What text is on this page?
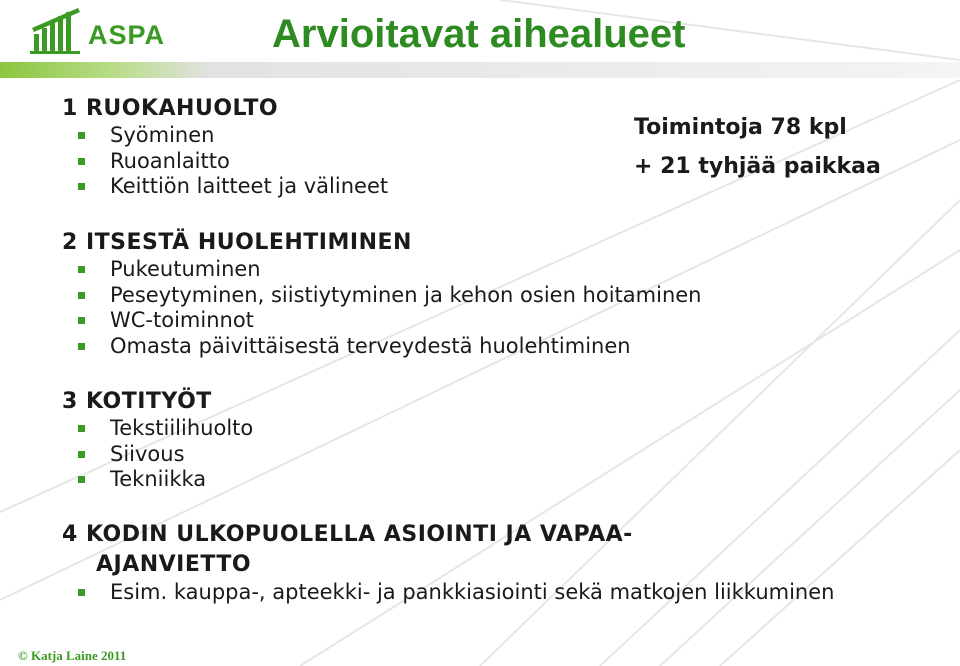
ASPA	Arvioitavat aihealueet
Toimintoja 78 kpl
+ 21 tyhjää paikkaa
1 RUOKAHUOLTO
Syöminen
Ruoanlaitto
Keittiön laitteet ja välineet
2 ITSESTÄ HUOLEHTIMINEN
Pukeutuminen
Peseytyminen, siistiytyminen ja kehon osien hoitaminen
WC-toiminnot
Omasta päivittäisestä terveydestä huolehtiminen
3 KOTITYÖT
Tekstiilihuolto
Siivous
Tekniikka
4 KODIN ULKOPUOLELLA ASIOINTI JA VAPAA-
AJANVIETTO
Esim. kauppa-, apteekki- ja pankkiasiointi sekä matkojen liikkuminen
© Katja Laine 2011
